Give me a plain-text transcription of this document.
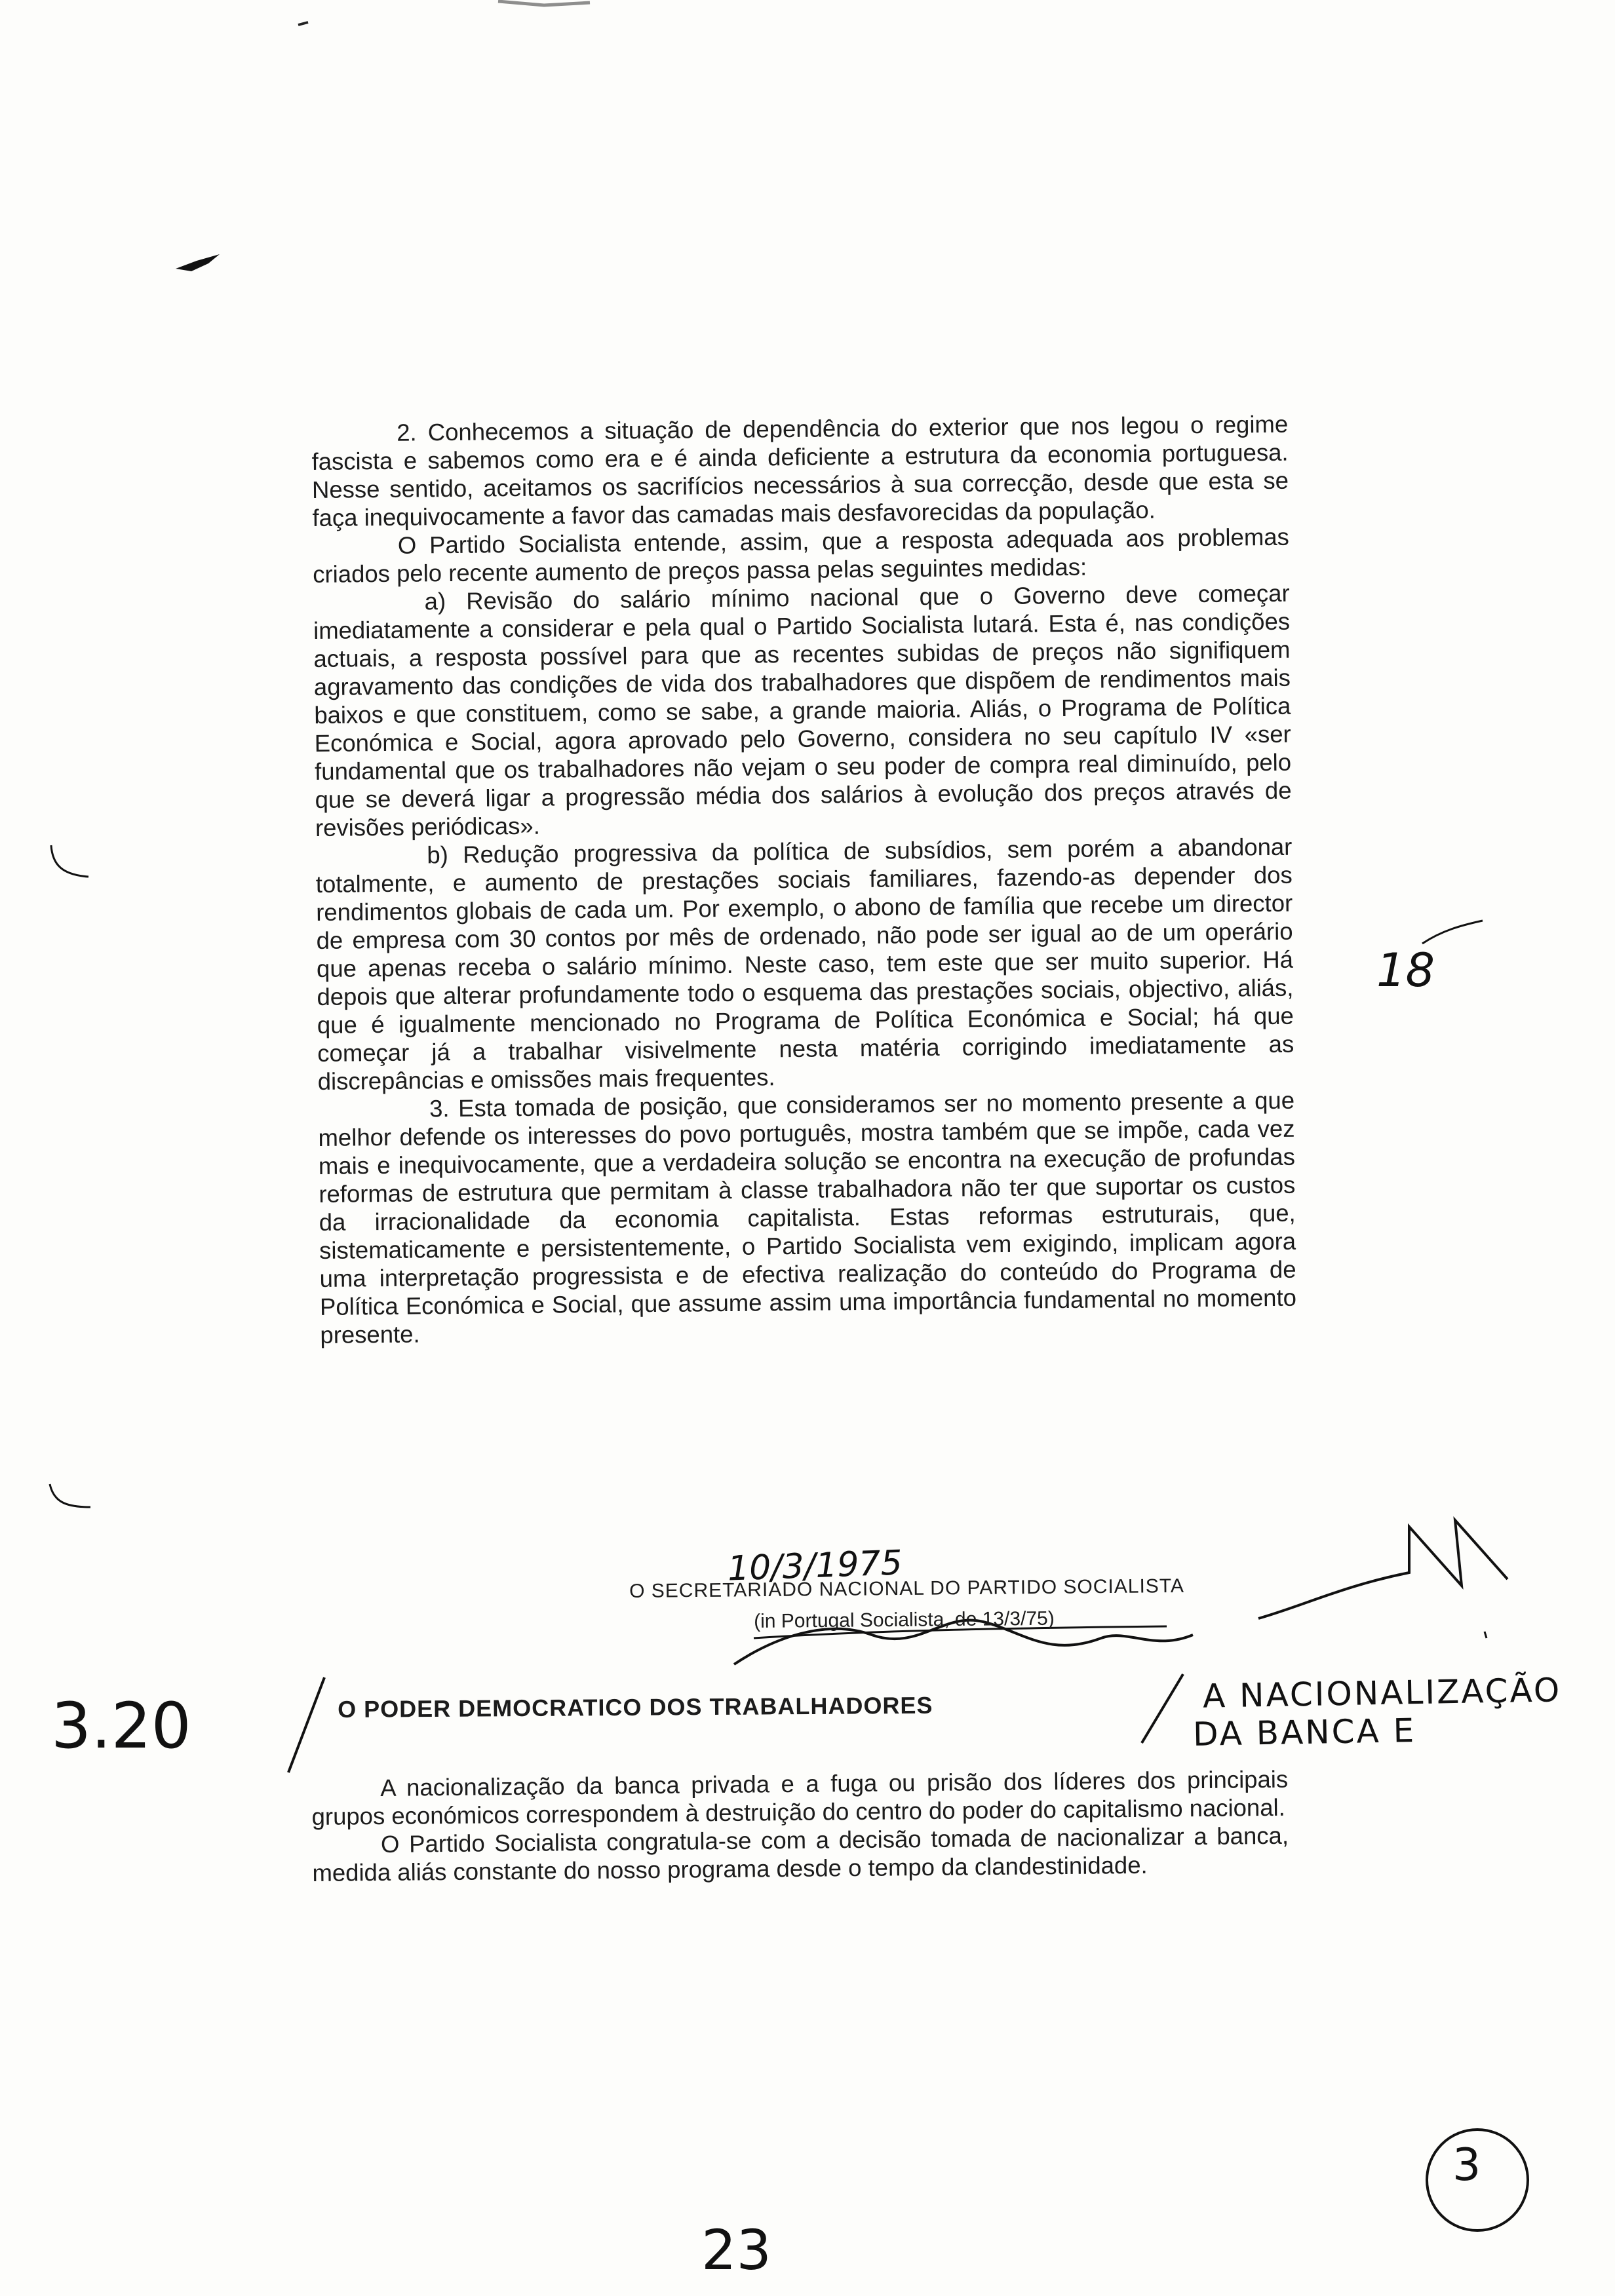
2. Conhecemos a situação de dependência do exterior que nos legou o regime fascista e sabemos como era e é ainda deficiente a estrutura da economia portuguesa. Nesse sentido, aceitamos os sacrifícios necessários à sua correcção, desde que esta se faça inequivocamente a favor das camadas mais desfavorecidas da população.

O Partido Socialista entende, assim, que a resposta adequada aos problemas criados pelo recente aumento de preços passa pelas seguintes medidas:

a) Revisão do salário mínimo nacional que o Governo deve começar imediatamente a considerar e pela qual o Partido Socialista lutará. Esta é, nas condições actuais, a resposta possível para que as recentes subidas de preços não signifiquem agravamento das condições de vida dos trabalhadores que dispõem de rendimentos mais baixos e que constituem, como se sabe, a grande maioria. Aliás, o Programa de Política Económica e Social, agora aprovado pelo Governo, considera no seu capítulo IV «ser fundamental que os trabalhadores não vejam o seu poder de compra real diminuído, pelo que se deverá ligar a progressão média dos salários à evolução dos preços através de revisões periódicas».

b) Redução progressiva da política de subsídios, sem porém a abandonar totalmente, e aumento de prestações sociais familiares, fazendo-as depender dos rendimentos globais de cada um. Por exemplo, o abono de família que recebe um director de empresa com 30 contos por mês de ordenado, não pode ser igual ao de um operário que apenas receba o salário mínimo. Neste caso, tem este que ser muito superior. Há depois que alterar profundamente todo o esquema das prestações sociais, objectivo, aliás, que é igualmente mencionado no Programa de Política Económica e Social; há que começar já a trabalhar visivelmente nesta matéria corrigindo imediatamente as discrepâncias e omissões mais frequentes.

3. Esta tomada de posição, que consideramos ser no momento presente a que melhor defende os interesses do povo português, mostra também que se impõe, cada vez mais e inequivocamente, que a verdadeira solução se encontra na execução de profundas reformas de estrutura que permitam à classe trabalhadora não ter que suportar os custos da irracionalidade da economia capitalista. Estas reformas estruturais, que, sistematicamente e persistentemente, o Partido Socialista vem exigindo, implicam agora uma interpretação progressista e de efectiva realização do conteúdo do Programa de Política Económica e Social, que assume assim uma importância fundamental no momento presente.

10/3/1975
O SECRETARIADO NACIONAL DO PARTIDO SOCIALISTA
(in Portugal Socialista, de 13/3/75)
18
3.20	O PODER DEMOCRATICO DOS TRABALHADORES	A NACIONALIZAÇÃO
DA BANCA E

A nacionalização da banca privada e a fuga ou prisão dos líderes dos principais grupos económicos correspondem à destruição do centro do poder do capitalismo nacional.

O Partido Socialista congratula-se com a decisão tomada de nacionalizar a banca, medida aliás constante do nosso programa desde o tempo da clandestinidade.

3
23
